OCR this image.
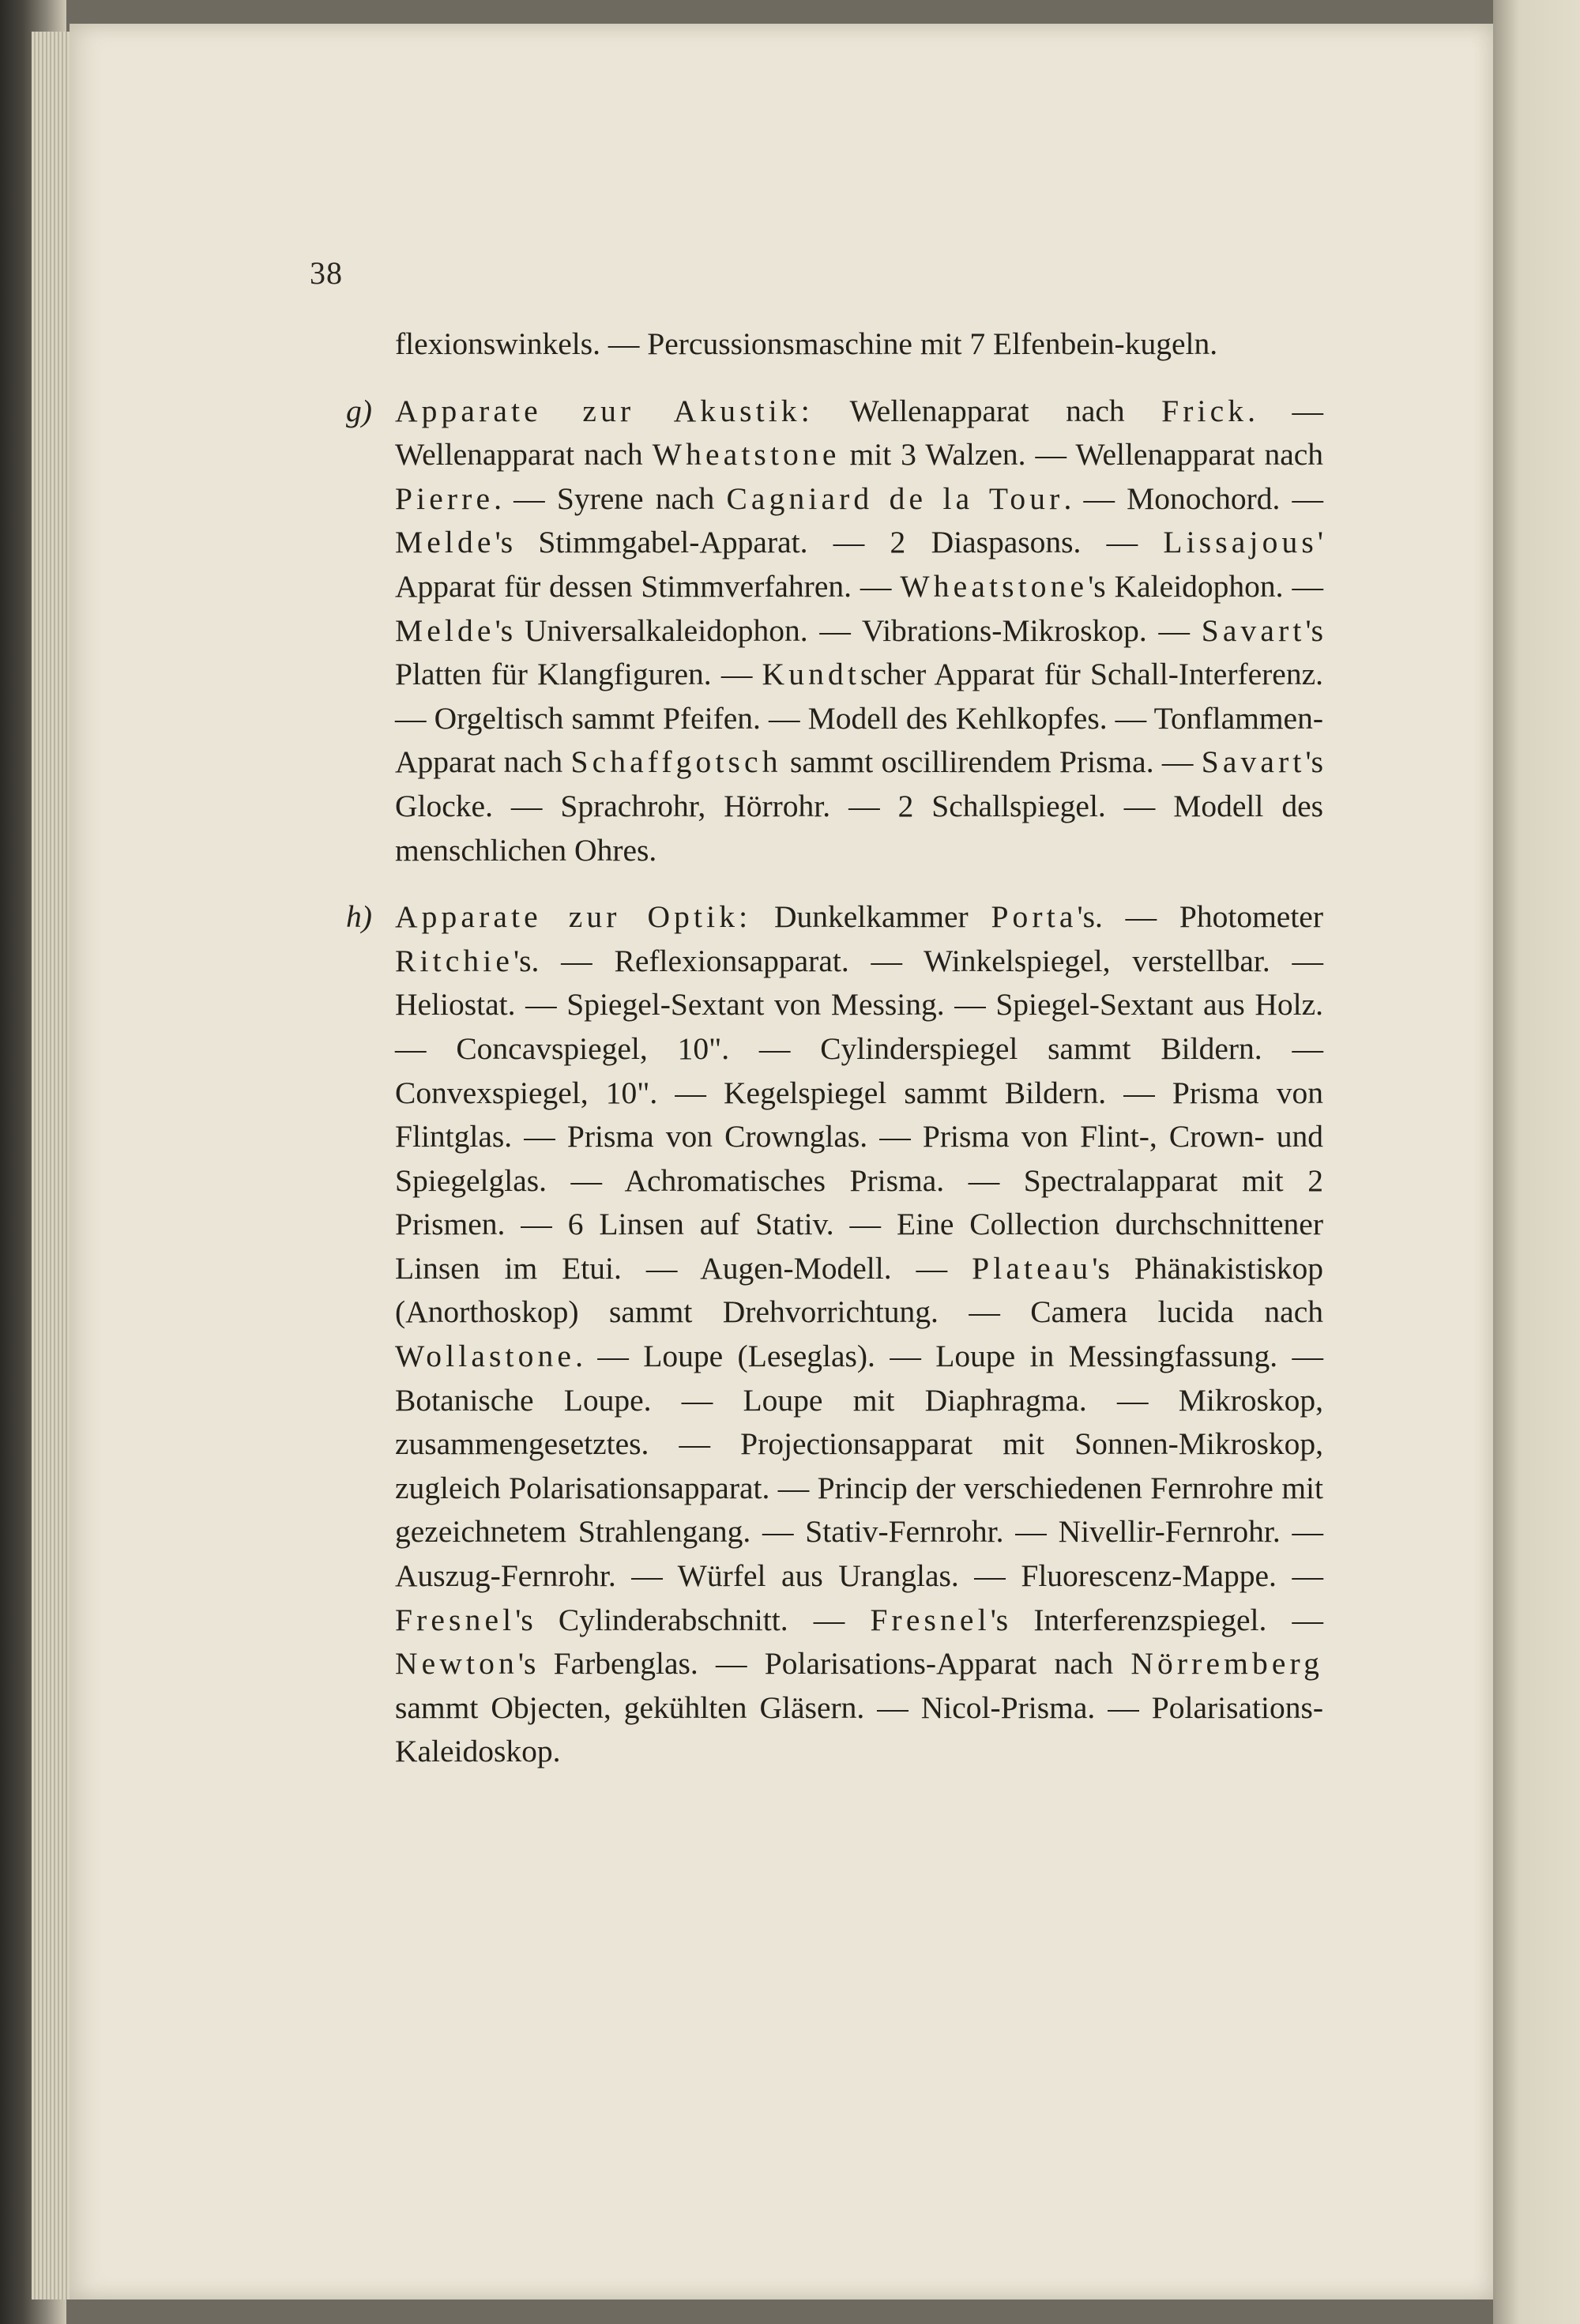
38

flexionswinkels. — Percussionsmaschine mit 7 Elfenbein-kugeln.

g) Apparate zur Akustik: Wellenapparat nach Frick. — Wellenapparat nach Wheatstone mit 3 Walzen. — Wellenapparat nach Pierre. — Syrene nach Cagniard de la Tour. — Monochord. — Melde's Stimmgabel-Apparat. — 2 Diaspasons. — Lissajous' Apparat für dessen Stimmverfahren. — Wheatstone's Kaleidophon. — Melde's Universalkaleidophon. — Vibrations-Mikroskop. — Savart's Platten für Klangfiguren. — Kundtscher Apparat für Schall-Interferenz. — Orgeltisch sammt Pfeifen. — Modell des Kehlkopfes. — Tonflammen-Apparat nach Schaffgotsch sammt oscillirendem Prisma. — Savart's Glocke. — Sprachrohr, Hörrohr. — 2 Schallspiegel. — Modell des menschlichen Ohres.

h) Apparate zur Optik: Dunkelkammer Porta's. — Photometer Ritchie's. — Reflexionsapparat. — Winkelspiegel, verstellbar. — Heliostat. — Spiegel-Sextant von Messing. — Spiegel-Sextant aus Holz. — Concavspiegel, 10". — Cylinderspiegel sammt Bildern. — Convexspiegel, 10". — Kegelspiegel sammt Bildern. — Prisma von Flintglas. — Prisma von Crownglas. — Prisma von Flint-, Crown- und Spiegelglas. — Achromatisches Prisma. — Spectralapparat mit 2 Prismen. — 6 Linsen auf Stativ. — Eine Collection durchschnittener Linsen im Etui. — Augen-Modell. — Plateau's Phänakistiskop (Anorthoskop) sammt Drehvorrichtung. — Camera lucida nach Wollastone. — Loupe (Leseglas). — Loupe in Messingfassung. — Botanische Loupe. — Loupe mit Diaphragma. — Mikroskop, zusammengesetztes. — Projectionsapparat mit Sonnen-Mikroskop, zugleich Polarisationsapparat. — Princip der verschiedenen Fernrohre mit gezeichnetem Strahlengang. — Stativ-Fernrohr. — Nivellir-Fernrohr. — Auszug-Fernrohr. — Würfel aus Uranglas. — Fluorescenz-Mappe. — Fresnel's Cylinderabschnitt. — Fresnel's Interferenzspiegel. — Newton's Farbenglas. — Polarisations-Apparat nach Nörremberg sammt Objecten, gekühlten Gläsern. — Nicol-Prisma. — Polarisations-Kaleidoskop.
